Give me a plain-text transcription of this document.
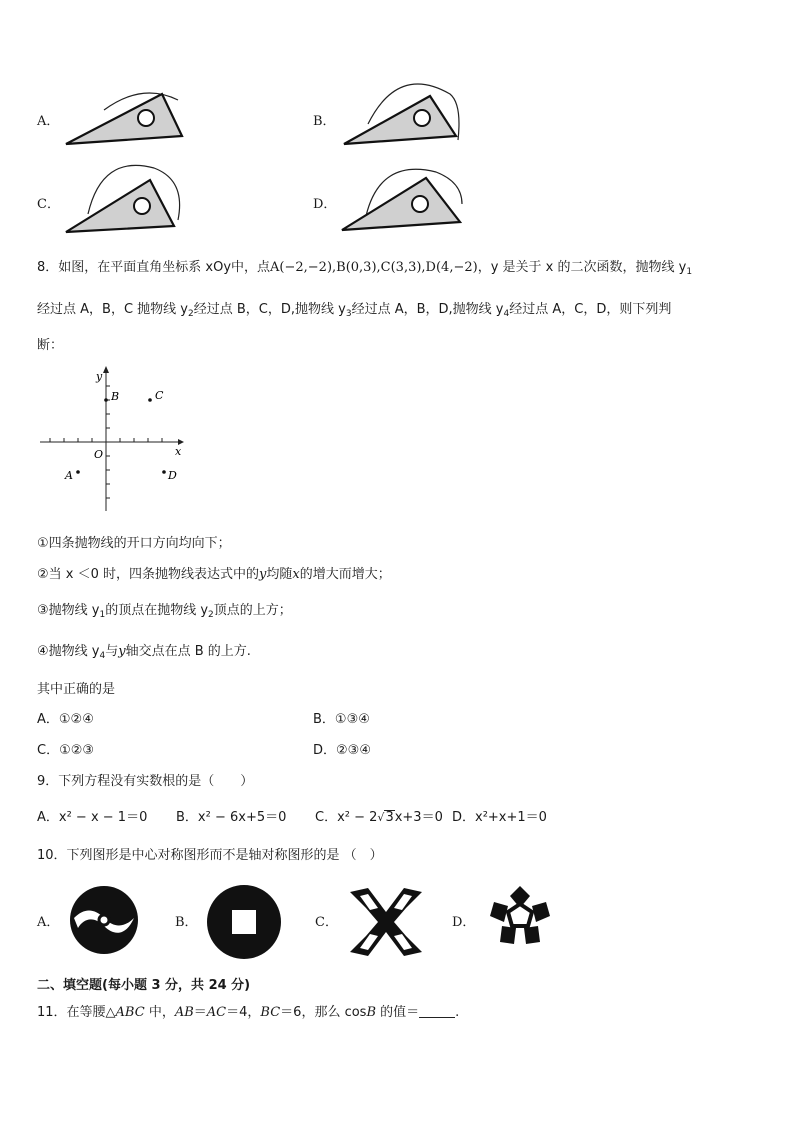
A．	B．
C．	D．
8．如图，在平面直角坐标系 xOy中，点A(−2,−2),B(0,3),C(3,3),D(4,−2)，y 是关于 x 的二次函数，抛物线 $y_1$
经过点 A，B，C 抛物线 $y_2$经过点 B，C，D,抛物线 $y_3$经过点 A，B，D,抛物线 $y_4$经过点 A，C，D，则下列判
断：
y
x
O
B	C
A	D
①四条抛物线的开口方向均向下；
②当 x ＜0 时，四条抛物线表达式中的y均随x的增大而增大；
③抛物线 $y_1$的顶点在抛物线 $y_2$顶点的上方；
④抛物线 $y_4$与y轴交点在点 B 的上方.
其中正确的是
A．①②④	B．①③④
C．①②③	D．②③④
9．下列方程没有实数根的是（　　）
A．x² − x − 1＝0 B．x² − 6x+5＝0 C．x² − 2√3x+3＝0 D．x²+x+1＝0
10．下列图形是中心对称图形而不是轴对称图形的是 （　）
A．	B．	C．	D．
二、填空题(每小题 3 分，共 24 分)
11．在等腰△ABC 中，AB＝AC＝4，BC＝6，那么 cosB 的值＝	.
